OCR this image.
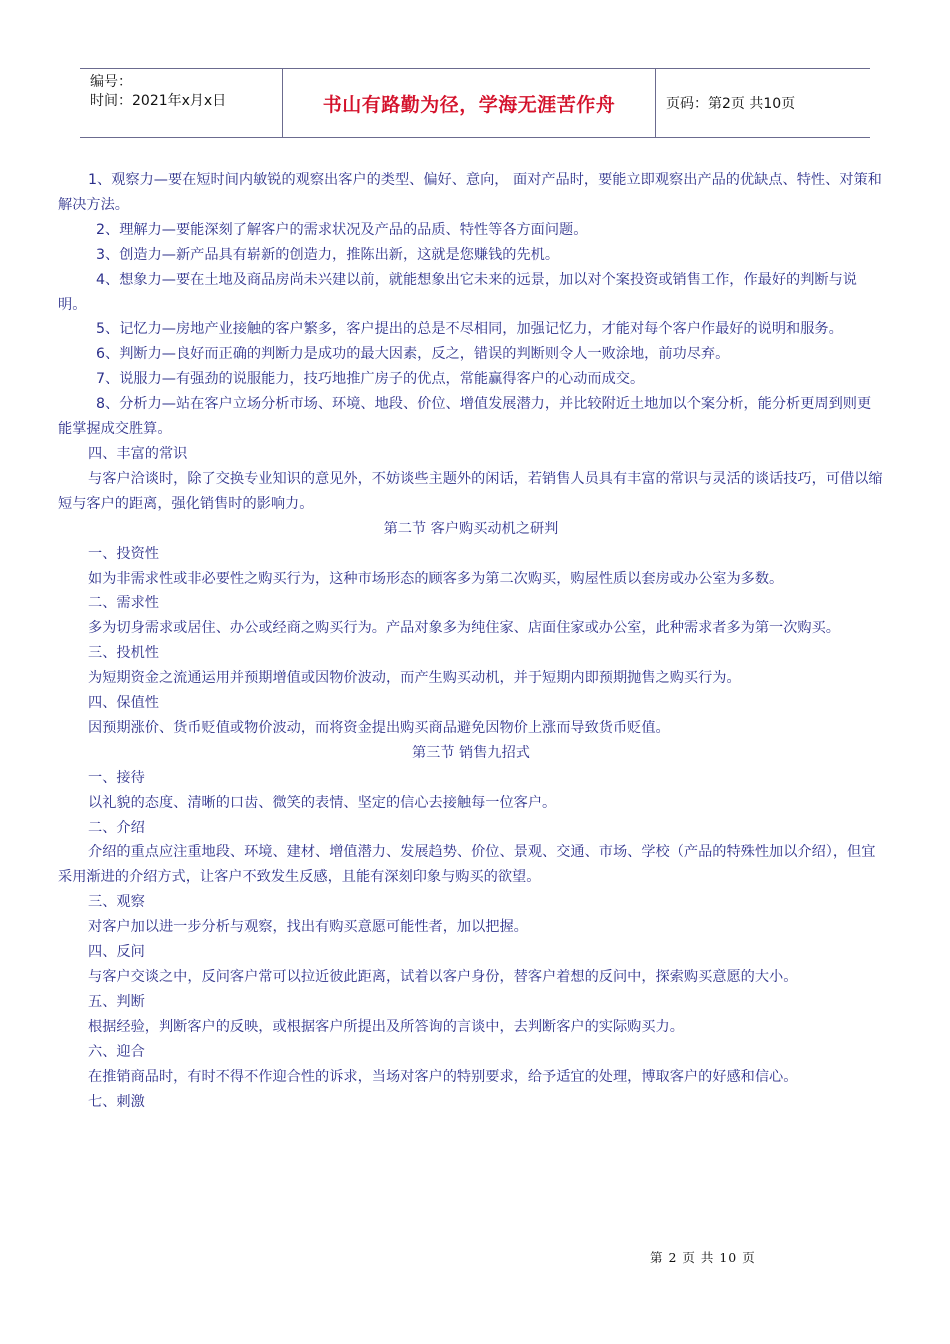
编号：
时间：2021年x月x日	书山有路勤为径，学海无涯苦作舟	页码：第2页 共10页

1、观察力—要在短时间内敏锐的观察出客户的类型、偏好、意向， 面对产品时，要能立即观察出产品的优缺点、特性、对策和解决方法。

2、理解力—要能深刻了解客户的需求状况及产品的品质、特性等各方面问题。

3、创造力—新产品具有崭新的创造力，推陈出新，这就是您赚钱的先机。

4、想象力—要在土地及商品房尚未兴建以前，就能想象出它未来的远景，加以对个案投资或销售工作，作最好的判断与说明。

5、记忆力—房地产业接触的客户繁多，客户提出的总是不尽相同，加强记忆力，才能对每个客户作最好的说明和服务。

6、判断力—良好而正确的判断力是成功的最大因素，反之，错误的判断则令人一败涂地，前功尽弃。

7、说服力—有强劲的说服能力，技巧地推广房子的优点，常能赢得客户的心动而成交。

8、分析力—站在客户立场分析市场、环境、地段、价位、增值发展潜力，并比较附近土地加以个案分析，能分析更周到则更能掌握成交胜算。

四、丰富的常识

与客户洽谈时，除了交换专业知识的意见外，不妨谈些主题外的闲话，若销售人员具有丰富的常识与灵活的谈话技巧，可借以缩短与客户的距离，强化销售时的影响力。

第二节 客户购买动机之研判

一、投资性

如为非需求性或非必要性之购买行为，这种市场形态的顾客多为第二次购买，购屋性质以套房或办公室为多数。

二、需求性

多为切身需求或居住、办公或经商之购买行为。产品对象多为纯住家、店面住家或办公室，此种需求者多为第一次购买。

三、投机性

为短期资金之流通运用并预期增值或因物价波动，而产生购买动机，并于短期内即预期抛售之购买行为。

四、保值性

因预期涨价、货币贬值或物价波动，而将资金提出购买商品避免因物价上涨而导致货币贬值。

第三节 销售九招式

一、接待

以礼貌的态度、清晰的口齿、微笑的表情、坚定的信心去接触每一位客户。

二、介绍

介绍的重点应注重地段、环境、建材、增值潜力、发展趋势、价位、景观、交通、市场、学校（产品的特殊性加以介绍），但宜采用渐进的介绍方式，让客户不致发生反感，且能有深刻印象与购买的欲望。

三、观察

对客户加以进一步分析与观察，找出有购买意愿可能性者，加以把握。

四、反问

与客户交谈之中，反问客户常可以拉近彼此距离，试着以客户身份，替客户着想的反问中，探索购买意愿的大小。

五、判断

根据经验，判断客户的反映，或根据客户所提出及所答询的言谈中，去判断客户的实际购买力。

六、迎合

在推销商品时，有时不得不作迎合性的诉求，当场对客户的特别要求，给予适宜的处理，博取客户的好感和信心。

七、刺激

第 2 页 共 10 页
